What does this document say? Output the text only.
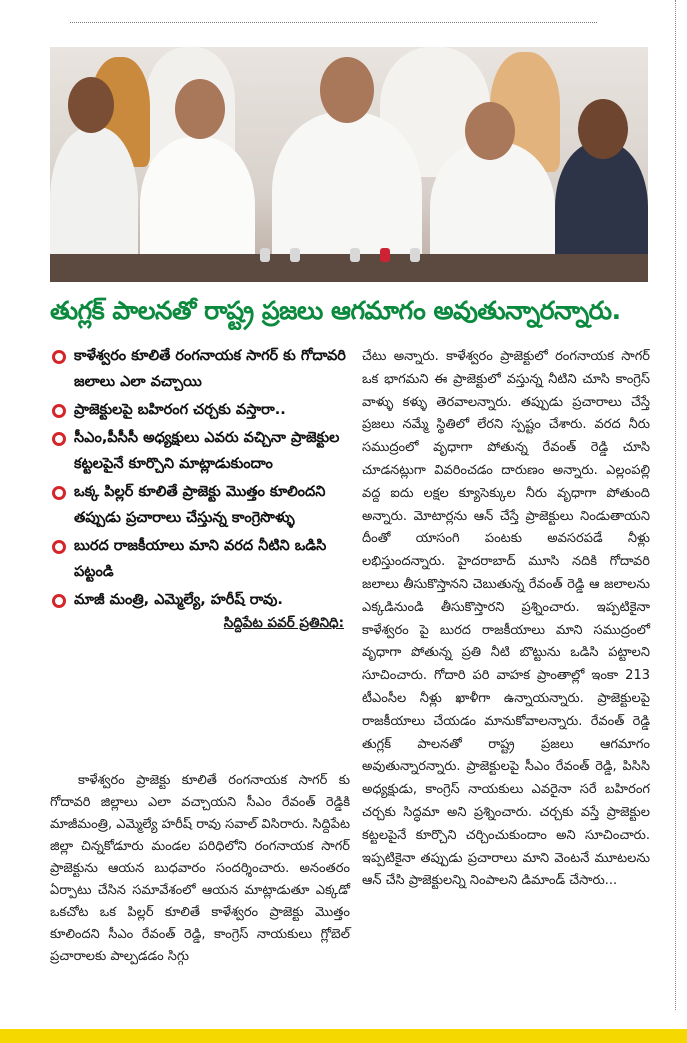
తుగ్లక్ పాలనతో రాష్ట్ర ప్రజలు ఆగమాగం అవుతున్నారన్నారు.
కాళేశ్వరం కూలితే రంగనాయక సాగర్ కు గోదావరి జలాలు ఎలా వచ్చాయి
ప్రాజెక్టులపై బహిరంగ చర్చకు వస్తారా..
సీఎం,పీసీసీ అధ్యక్షులు ఎవరు వచ్చినా ప్రాజెక్టుల కట్టలపైనే కూర్చొని మాట్లాడుకుందాం
ఒక్క పిల్లర్ కూలితే ప్రాజెక్టు మొత్తం కూలిందని తప్పుడు ప్రచారాలు చేస్తున్న కాంగ్రెసొళ్ళు
బురద రాజకీయాలు మాని వరద నీటిని ఒడిసి పట్టండి
మాజీ మంత్రి, ఎమ్మెల్యే, హరీష్ రావు.
సిద్దిపేట పవర్ ప్రతినిధి:
కాళేశ్వరం ప్రాజెక్టు కూలితే రంగనాయక సాగర్ కు గోదావరి జిల్లాలు ఎలా వచ్చాయని సీఎం రేవంత్ రెడ్డికి మాజీమంత్రి, ఎమ్మెల్యే హరీష్ రావు సవాల్ విసిరారు. సిద్దిపేట జిల్లా చిన్నకోడూరు మండల పరిధిలోని రంగనాయక సాగర్ ప్రాజెక్టును ఆయన బుధవారం సందర్శించారు. అనంతరం ఏర్పాటు చేసిన సమావేశంలో ఆయన మాట్లాడుతూ ఎక్కడో ఒకచోట ఒక పిల్లర్ కూలితే కాళేశ్వరం ప్రాజెక్టు మొత్తం కూలిందని సీఎం రేవంత్ రెడ్డి, కాంగ్రెస్ నాయకులు గ్లోబెల్ ప్రచారాలకు పాల్పడడం సిగ్గు
చేటు అన్నారు. కాళేశ్వరం ప్రాజెక్టులో రంగనాయక సాగర్ ఒక భాగమని ఈ ప్రాజెక్టులో వస్తున్న నీటిని చూసి కాంగ్రెస్ వాళ్ళు కళ్ళు తెరవాలన్నారు. తప్పుడు ప్రచారాలు చేస్తే ప్రజలు నమ్మే స్థితిలో లేరని స్పష్టం చేశారు. వరద నీరు సముద్రంలో వృధాగా పోతున్న రేవంత్ రెడ్డి చూసి చూడనట్లుగా వివరించడం దారుణం అన్నారు. ఎల్లంపల్లి వద్ద ఐదు లక్షల క్యూసెక్కుల నీరు వృధాగా పోతుంది అన్నారు. మోటార్లను ఆన్ చేస్తే ప్రాజెక్టులు నిండుతాయని దీంతో యాసంగి పంటకు అవసరపడే నీళ్లు లభిస్తుందన్నారు. హైదరాబాద్ మూసి నదికి గోదావరి జలాలు తీసుకొస్తానని చెబుతున్న రేవంత్ రెడ్డి ఆ జలాలను ఎక్కడినుండి తీసుకొస్తారని ప్రశ్నించారు. ఇప్పటికైనా కాళేశ్వరం పై బురద రాజకీయాలు మాని సముద్రంలో వృధాగా పోతున్న ప్రతి నీటి బొట్టును ఒడిసి పట్టాలని సూచించారు. గోదారి పరి వాహక ప్రాంతాల్లో ఇంకా 213 టీఎంసీల నీళ్లు ఖాళీగా ఉన్నాయన్నారు. ప్రాజెక్టులపై రాజకీయాలు చేయడం మానుకోవాలన్నారు. రేవంత్ రెడ్డి తుగ్లక్ పాలనతో రాష్ట్ర ప్రజలు ఆగమాగం అవుతున్నారన్నారు. ప్రాజెక్టులపై సీఎం రేవంత్ రెడ్డి, పిసిసి అధ్యక్షుడు, కాంగ్రెస్ నాయకులు ఎవరైనా సరే బహిరంగ చర్చకు సిద్ధమా అని ప్రశ్నించారు. చర్చకు వస్తే ప్రాజెక్టుల కట్టలపైనే కూర్చొని చర్చించుకుందాం అని సూచించారు. ఇప్పటికైనా తప్పుడు ప్రచారాలు మాని వెంటనే మూటలను ఆన్ చేసి ప్రాజెక్టులన్ని నింపాలని డిమాండ్ చేసారు...
